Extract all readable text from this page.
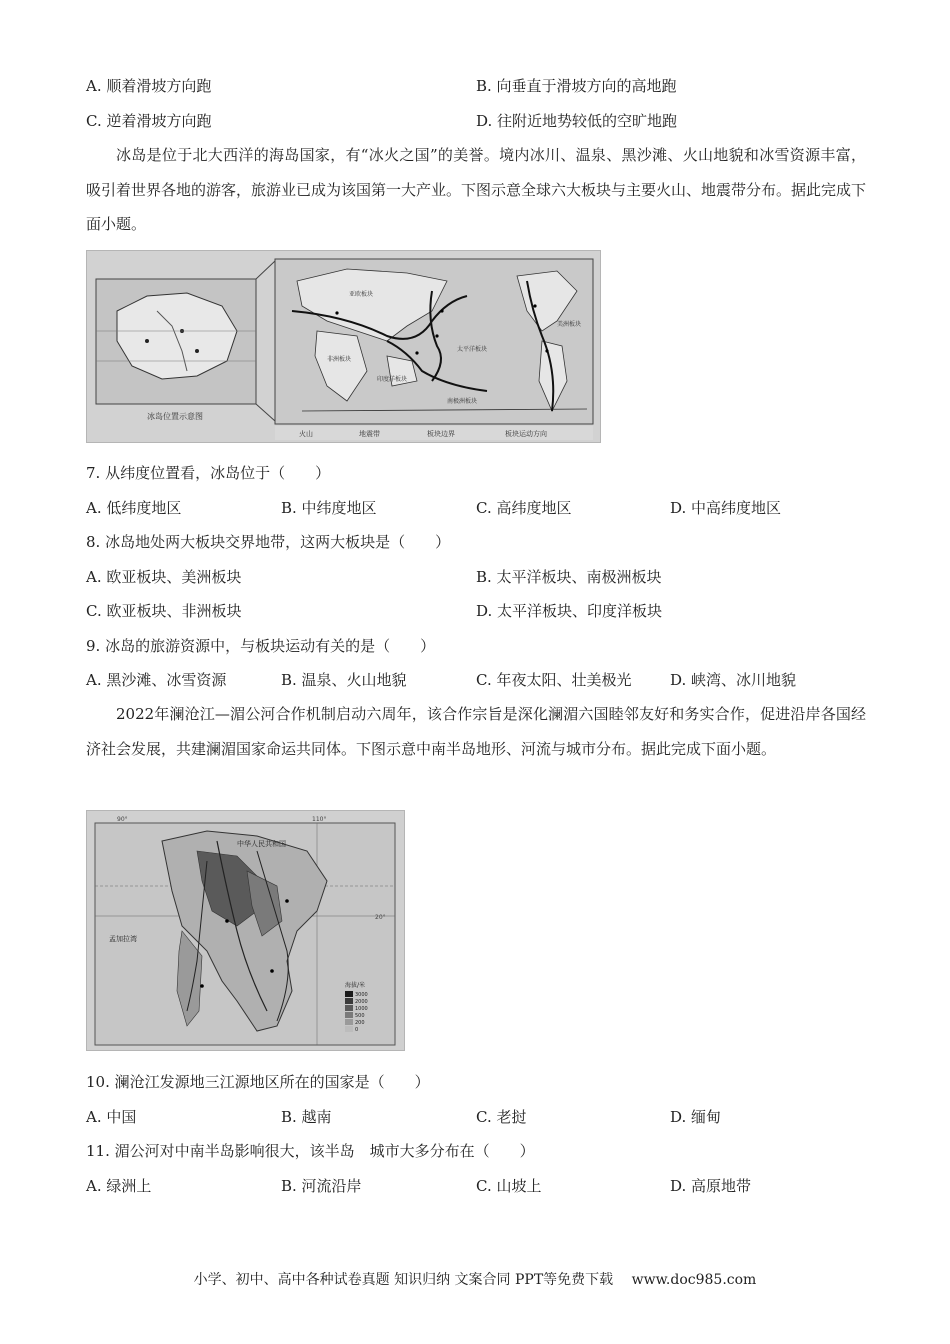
A. 顺着滑坡方向跑	B. 向垂直于滑坡方向的高地跑
C. 逆着滑坡方向跑	D. 往附近地势较低的空旷地跑
冰岛是位于北大西洋的海岛国家，有“冰火之国”的美誉。境内冰川、温泉、黑沙滩、火山地貌和冰雪资源丰富，吸引着世界各地的游客，旅游业已成为该国第一大产业。下图示意全球六大板块与主要火山、地震带分布。据此完成下面小题。
冰岛位置示意图
火山	地震带	板块边界	板块运动方向
亚欧板块
太平洋板块
美洲板块
非洲板块
印度洋板块
南极洲板块
7. 从纬度位置看，冰岛位于（　　）
A. 低纬度地区	B. 中纬度地区	C. 高纬度地区	D. 中高纬度地区
8. 冰岛地处两大板块交界地带，这两大板块是（　　）
A. 欧亚板块、美洲板块	B. 太平洋板块、南极洲板块
C. 欧亚板块、非洲板块	D. 太平洋板块、印度洋板块
9. 冰岛的旅游资源中，与板块运动有关的是（　　）
A. 黑沙滩、冰雪资源	B. 温泉、火山地貌	C. 年夜太阳、壮美极光	D. 峡湾、冰川地貌
2022年澜沧江—湄公河合作机制启动六周年，该合作宗旨是深化澜湄六国睦邻友好和务实合作，促进沿岸各国经济社会发展，共建澜湄国家命运共同体。下图示意中南半岛地形、河流与城市分布。据此完成下面小题。
90°	110°
20°
中华人民共和国
孟加拉湾
海拔/米
3000
2000
1000
500
200
0
10. 澜沧江发源地三江源地区所在的国家是（　　）
A. 中国	B. 越南	C. 老挝	D. 缅甸
11. 湄公河对中南半岛影响很大，该半岛　城市大多分布在（　　）
A. 绿洲上	B. 河流沿岸	C. 山坡上	D. 高原地带
小学、初中、高中各种试卷真题 知识归纳 文案合同 PPT等免费下载　 www.doc985.com
